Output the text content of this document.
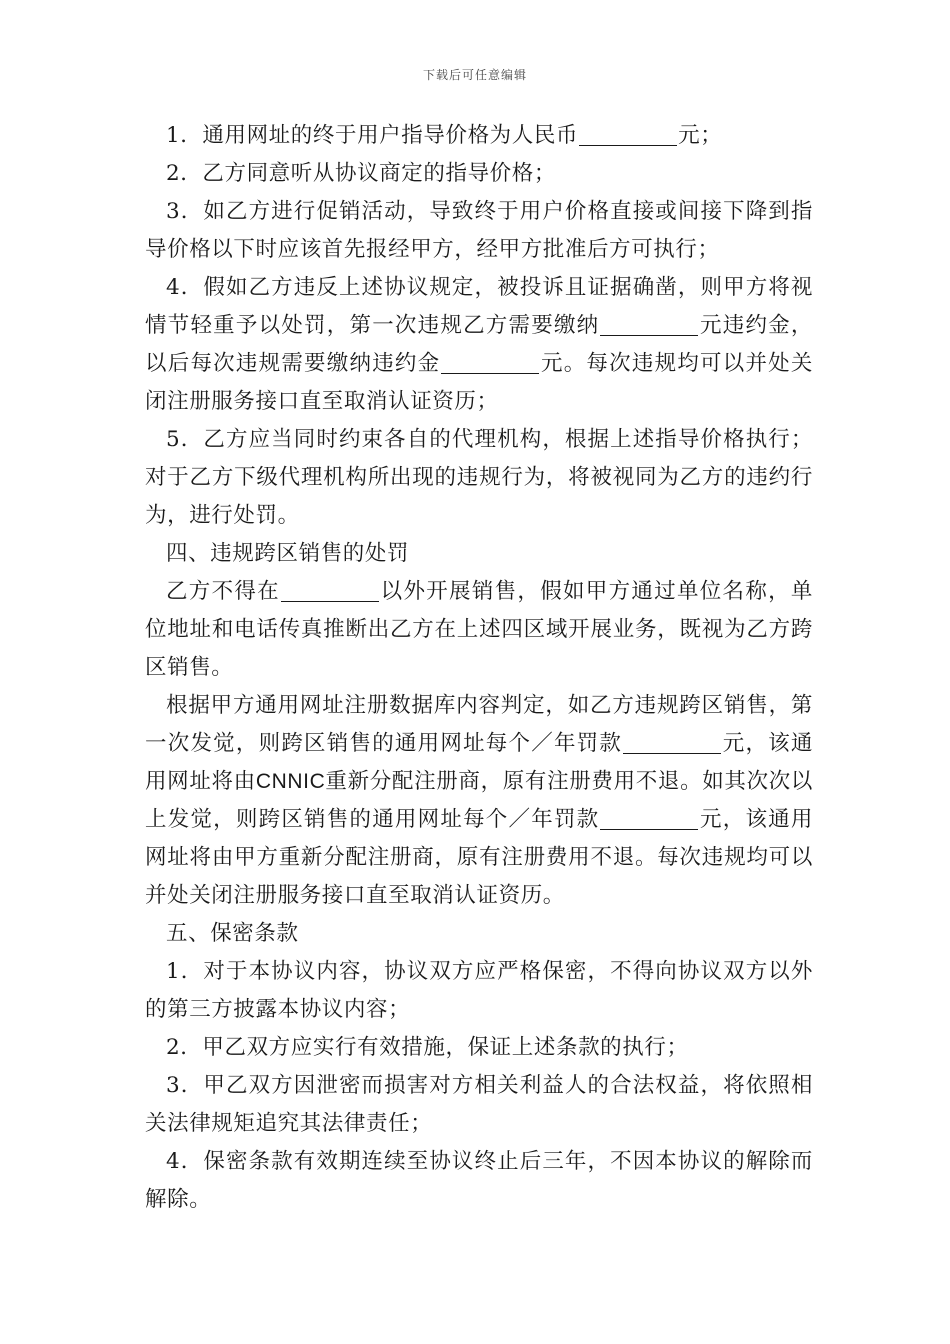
下载后可任意编辑

1．通用网址的终于用户指导价格为人民币	元；

2．乙方同意听从协议商定的指导价格；

3．如乙方进行促销活动，导致终于用户价格直接或间接下降到指导价格以下时应该首先报经甲方，经甲方批准后方可执行；

4．假如乙方违反上述协议规定，被投诉且证据确凿，则甲方将视情节轻重予以处罚，第一次违规乙方需要缴纳	元违约金，以后每次违规需要缴纳违约金	元。每次违规均可以并处关闭注册服务接口直至取消认证资历；

5．乙方应当同时约束各自的代理机构，根据上述指导价格执行；对于乙方下级代理机构所出现的违规行为，将被视同为乙方的违约行为，进行处罚。

四、违规跨区销售的处罚

乙方不得在	以外开展销售，假如甲方通过单位名称，单位地址和电话传真推断出乙方在上述四区域开展业务，既视为乙方跨区销售。

根据甲方通用网址注册数据库内容判定，如乙方违规跨区销售，第一次发觉，则跨区销售的通用网址每个／年罚款	元，该通用网址将由CNNIC重新分配注册商，原有注册费用不退。如其次次以上发觉，则跨区销售的通用网址每个／年罚款	元，该通用网址将由甲方重新分配注册商，原有注册费用不退。每次违规均可以并处关闭注册服务接口直至取消认证资历。

五、保密条款

1．对于本协议内容，协议双方应严格保密，不得向协议双方以外的第三方披露本协议内容；

2．甲乙双方应实行有效措施，保证上述条款的执行；

3．甲乙双方因泄密而损害对方相关利益人的合法权益，将依照相关法律规矩追究其法律责任；

4．保密条款有效期连续至协议终止后三年，不因本协议的解除而解除。
